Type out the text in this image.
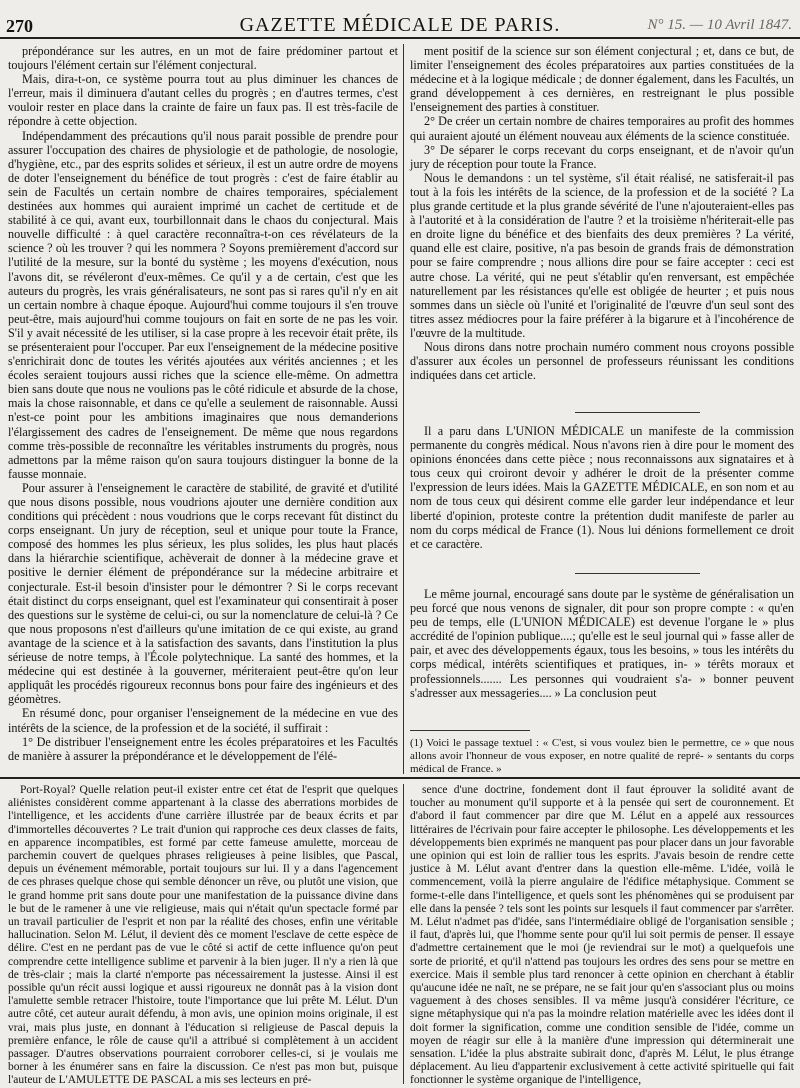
270	GAZETTE MÉDICALE DE PARIS.	N° 15. — 10 Avril 1847.

prépondérance sur les autres, en un mot de faire prédominer partout et toujours l'élément certain sur l'élément conjectural.

Mais, dira-t-on, ce système pourra tout au plus diminuer les chances de l'erreur, mais il diminuera d'autant celles du progrès ; en d'autres termes, c'est vouloir rester en place dans la crainte de faire un faux pas. Il est très-facile de répondre à cette objection.

Indépendamment des précautions qu'il nous parait possible de prendre pour assurer l'occupation des chaires de physiologie et de pathologie, de nosologie, d'hygiène, etc., par des esprits solides et sérieux, il est un autre ordre de moyens de doter l'enseignement du bénéfice de tout progrès : c'est de faire établir au sein de Facultés un certain nombre de chaires temporaires, spécialement destinées aux hommes qui auraient imprimé un cachet de certitude et de stabilité à ce qui, avant eux, tourbillonnait dans le chaos du conjectural. Mais nouvelle difficulté : à quel caractère reconnaîtra-t-on ces révélateurs de la science ? où les trouver ? qui les nommera ? Soyons premièrement d'accord sur l'utilité de la mesure, sur la bonté du système ; les moyens d'exécution, nous l'avons dit, se révéleront d'eux-mêmes. Ce qu'il y a de certain, c'est que les auteurs du progrès, les vrais généralisateurs, ne sont pas si rares qu'il n'y en ait un certain nombre à chaque époque. Aujourd'hui comme toujours il s'en trouve peut-être, mais aujourd'hui comme toujours on fait en sorte de ne pas les voir. S'il y avait nécessité de les utiliser, si la case propre à les recevoir était prête, ils se présenteraient pour l'occuper. Par eux l'enseignement de la médecine positive s'enrichirait donc de toutes les vérités ajoutées aux vérités anciennes ; et les écoles seraient toujours aussi riches que la science elle-même. On admettra bien sans doute que nous ne voulions pas le côté ridicule et absurde de la chose, mais la chose raisonnable, et dans ce qu'elle a seulement de raisonnable. Aussi n'est-ce point pour les ambitions imaginaires que nous demanderions l'élargissement des cadres de l'enseignement. De même que nous regardons comme très-possible de reconnaître les véritables instruments du progrès, nous admettons par la même raison qu'on saura toujours distinguer la bonne de la fausse monnaie.

Pour assurer à l'enseignement le caractère de stabilité, de gravité et d'utilité que nous disons possible, nous voudrions ajouter une dernière condition aux conditions qui précèdent : nous voudrions que le corps recevant fût distinct du corps enseignant. Un jury de réception, seul et unique pour toute la France, composé des hommes les plus sérieux, les plus solides, les plus haut placés dans la hiérarchie scientifique, achèverait de donner à la médecine grave et positive le dernier élément de prépondérance sur la médecine arbitraire et conjecturale. Est-il besoin d'insister pour le démontrer ? Si le corps recevant était distinct du corps enseignant, quel est l'examinateur qui consentirait à poser des questions sur le système de celui-ci, ou sur la nomenclature de celui-là ? Ce que nous proposons n'est d'ailleurs qu'une imitation de ce qui existe, au grand avantage de la science et à la satisfaction des savants, dans l'institution la plus sérieuse de notre temps, à l'École polytechnique. La santé des hommes, et la médecine qui est destinée à la gouverner, mériteraient peut-être qu'on leur appliquât les procédés rigoureux reconnus bons pour faire des ingénieurs et des géomètres.

En résumé donc, pour organiser l'enseignement de la médecine en vue des intérêts de la science, de la profession et de la société, il suffirait :

1° De distribuer l'enseignement entre les écoles préparatoires et les Facultés de manière à assurer la prépondérance et le développement de l'élé-

ment positif de la science sur son élément conjectural ; et, dans ce but, de limiter l'enseignement des écoles préparatoires aux parties constituées de la médecine et à la logique médicale ; de donner également, dans les Facultés, un grand développement à ces dernières, en restreignant le plus possible l'enseignement des parties à constituer.

2° De créer un certain nombre de chaires temporaires au profit des hommes qui auraient ajouté un élément nouveau aux éléments de la science constituée.

3° De séparer le corps recevant du corps enseignant, et de n'avoir qu'un jury de réception pour toute la France.

Nous le demandons : un tel système, s'il était réalisé, ne satisferait-il pas tout à la fois les intérêts de la science, de la profession et de la société ? La plus grande certitude et la plus grande sévérité de l'une n'ajouteraient-elles pas à l'autorité et à la considération de l'autre ? et la troisième n'hériterait-elle pas en droite ligne du bénéfice et des bienfaits des deux premières ? La vérité, quand elle est claire, positive, n'a pas besoin de grands frais de démonstration pour se faire comprendre ; nous allions dire pour se faire accepter : ceci est autre chose. La vérité, qui ne peut s'établir qu'en renversant, est empêchée naturellement par les résistances qu'elle est obligée de heurter ; et puis nous sommes dans un siècle où l'unité et l'originalité de l'œuvre d'un seul sont des titres assez médiocres pour la faire préférer à la bigarure et à l'incohérence de l'œuvre de la multitude.

Nous dirons dans notre prochain numéro comment nous croyons possible d'assurer aux écoles un personnel de professeurs réunissant les conditions indiquées dans cet article.

Il a paru dans L'UNION MÉDICALE un manifeste de la commission permanente du congrès médical. Nous n'avons rien à dire pour le moment des opinions énoncées dans cette pièce ; nous reconnaissons aux signataires et à tous ceux qui croiront devoir y adhérer le droit de la présenter comme l'expression de leurs idées. Mais la GAZETTE MÉDICALE, en son nom et au nom de tous ceux qui désirent comme elle garder leur indépendance et leur liberté d'opinion, proteste contre la prétention dudit manifeste de parler au nom du corps médical de France (1). Nous lui dénions formellement ce droit et ce caractère.

Le même journal, encouragé sans doute par le système de généralisation un peu forcé que nous venons de signaler, dit pour son propre compte : « qu'en peu de temps, elle (L'UNION MÉDICALE) est devenue l'organe le » plus accrédité de l'opinion publique....; qu'elle est le seul journal qui » fasse aller de pair, et avec des développements égaux, tous les besoins, » tous les intérêts du corps médical, intérêts scientifiques et pratiques, in- » térêts moraux et professionnels....... Les personnes qui voudraient s'a- » bonner peuvent s'adresser aux messageries.... » La conclusion peut

(1) Voici le passage textuel : « C'est, si vous voulez bien le permettre, ce » que nous allons avoir l'honneur de vous exposer, en notre qualité de repré- » sentants du corps médical de France. »

Port-Royal? Quelle relation peut-il exister entre cet état de l'esprit que quelques aliénistes considèrent comme appartenant à la classe des aberrations morbides de l'intelligence, et les accidents d'une carrière illustrée par de beaux écrits et par d'immortelles découvertes ? Le trait d'union qui rapproche ces deux classes de faits, en apparence incompatibles, est formé par cette fameuse amulette, morceau de parchemin couvert de quelques phrases religieuses à peine lisibles, que Pascal, depuis un événement mémorable, portait toujours sur lui. Il y a dans l'agencement de ces phrases quelque chose qui semble dénoncer un rêve, ou plutôt une vision, que le grand homme prit sans doute pour une manifestation de la puissance divine dans le but de le ramener à une vie religieuse, mais qui n'était qu'un spectacle formé par un travail particulier de l'esprit et non par la réalité des choses, enfin une véritable hallucination. Selon M. Lélut, il devient dès ce moment l'esclave de cette espèce de délire. C'est en ne perdant pas de vue le côté si actif de cette influence qu'on peut comprendre cette intelligence sublime et parvenir à la bien juger. Il n'y a rien là que de très-clair ; mais la clarté n'emporte pas nécessairement la justesse. Ainsi il est possible qu'un récit aussi logique et aussi rigoureux ne donnât pas à la vision dont l'amulette semble retracer l'histoire, toute l'importance que lui prête M. Lélut. D'un autre côté, cet auteur aurait défendu, à mon avis, une opinion moins originale, il est vrai, mais plus juste, en donnant à l'éducation si religieuse de Pascal depuis la première enfance, le rôle de cause qu'il a attribué si complètement à un accident passager. D'autres observations pourraient corroborer celles-ci, si je voulais me borner à les énumérer sans en faire la discussion. Ce n'est pas mon but, puisque l'auteur de L'AMULETTE DE PASCAL a mis ses lecteurs en pré-

sence d'une doctrine, fondement dont il faut éprouver la solidité avant de toucher au monument qu'il supporte et à la pensée qui sert de couronnement. Et d'abord il faut commencer par dire que M. Lélut en a appelé aux ressources littéraires de l'écrivain pour faire accepter le philosophe. Les développements et les développements bien exprimés ne manquent pas pour placer dans un jour favorable une opinion qui est loin de rallier tous les esprits. J'avais besoin de rendre cette justice à M. Lélut avant d'entrer dans la question elle-même. L'idée, voilà le commencement, voilà la pierre angulaire de l'édifice métaphysique. Comment se forme-t-elle dans l'intelligence, et quels sont les phénomènes qui se produisent par elle dans la pensée ? tels sont les points sur lesquels il faut commencer par s'arrêter. M. Lélut n'admet pas d'idée, sans l'intermédiaire obligé de l'organisation sensible ; il faut, d'après lui, que l'homme sente pour qu'il lui soit permis de penser. Il essaye d'admettre certainement que le moi (je reviendrai sur le mot) a quelquefois une sorte de priorité, et qu'il n'attend pas toujours les ordres des sens pour se mettre en exercice. Mais il semble plus tard renoncer à cette opinion en cherchant à établir qu'aucune idée ne naît, ne se prépare, ne se fait jour qu'en s'associant plus ou moins vaguement à des choses sensibles. Il va même jusqu'à considérer l'écriture, ce signe métaphysique qui n'a pas la moindre relation matérielle avec les idées dont il doit former la signification, comme une condition sensible de l'idée, comme un moyen de réagir sur elle à la manière d'une impression qui déterminerait une sensation. L'idée la plus abstraite subirait donc, d'après M. Lélut, le plus étrange déplacement. Au lieu d'appartenir exclusivement à cette activité spirituelle qui fait fonctionner le système organique de l'intelligence,
